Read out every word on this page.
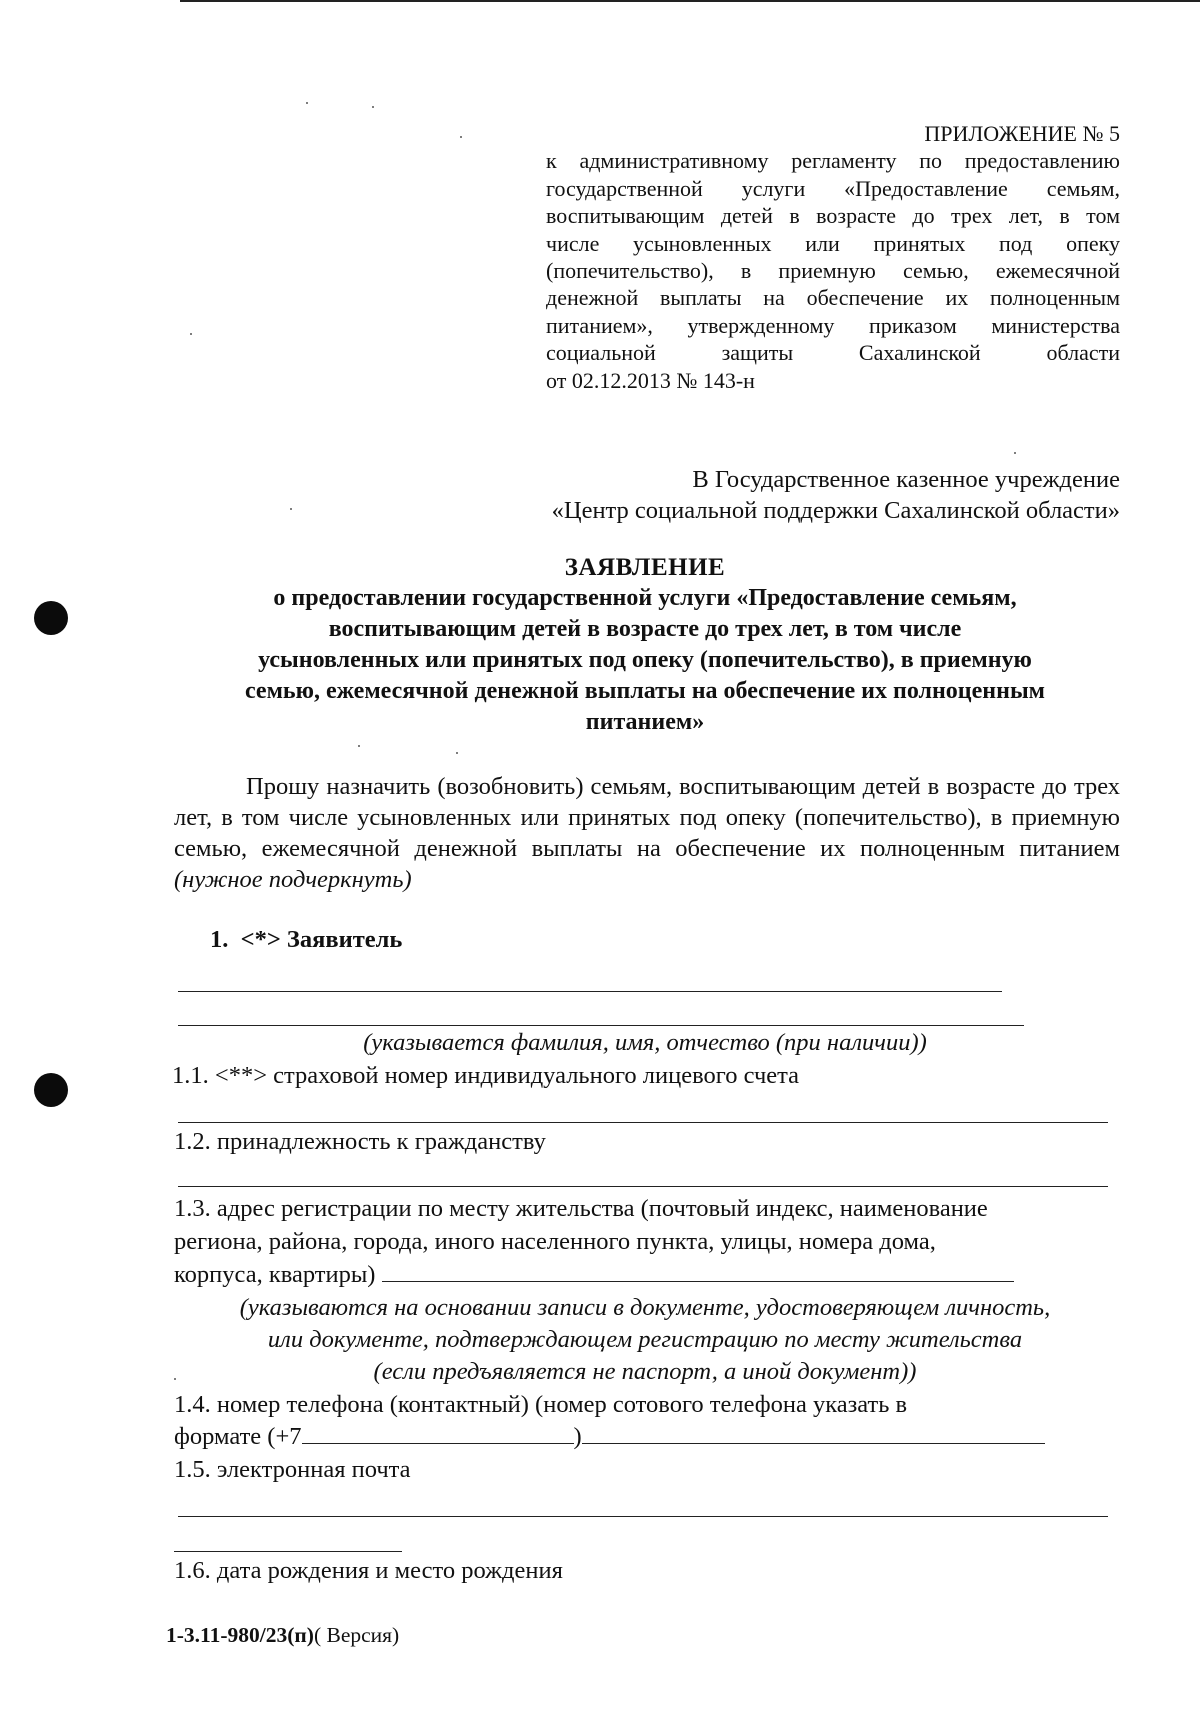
ПРИЛОЖЕНИЕ № 5
к административному регламенту по предоставлению
государственной услуги «Предоставление семьям,
воспитывающим детей в возрасте до трех лет, в том
числе усыновленных или принятых под опеку
(попечительство), в приемную семью, ежемесячной
денежной выплаты на обеспечение их полноценным
питанием», утвержденному приказом министерства
социальной защиты Сахалинской области
от 02.12.2013 № 143-н
В Государственное казенное учреждение
«Центр социальной поддержки Сахалинской области»
ЗАЯВЛЕНИЕ
о предоставлении государственной услуги «Предоставление семьям,
воспитывающим детей в возрасте до трех лет, в том числе
усыновленных или принятых под опеку (попечительство), в приемную
семью, ежемесячной денежной выплаты на обеспечение их полноценным
питанием»
Прошу назначить (возобновить) семьям, воспитывающим детей в возрасте до трех лет, в том числе усыновленных или принятых под опеку (попечительство), в приемную семью, ежемесячной денежной выплаты на обеспечение их полноценным питанием (нужное подчеркнуть)
1. <*> Заявитель
(указывается фамилия, имя, отчество (при наличии))
1.1. <**> страховой номер индивидуального лицевого счета
1.2. принадлежность к гражданству
1.3. адрес регистрации по месту жительства (почтовый индекс, наименование
региона, района, города, иного населенного пункта, улицы, номера дома,
корпуса, квартиры)
(указываются на основании записи в документе, удостоверяющем личность,
или документе, подтверждающем регистрацию по месту жительства
(если предъявляется не паспорт, а иной документ))
1.4. номер телефона (контактный) (номер сотового телефона указать в
формате (+7	)
1.5. электронная почта
1.6. дата рождения и место рождения
1-3.11-980/23(п)( Версия)
